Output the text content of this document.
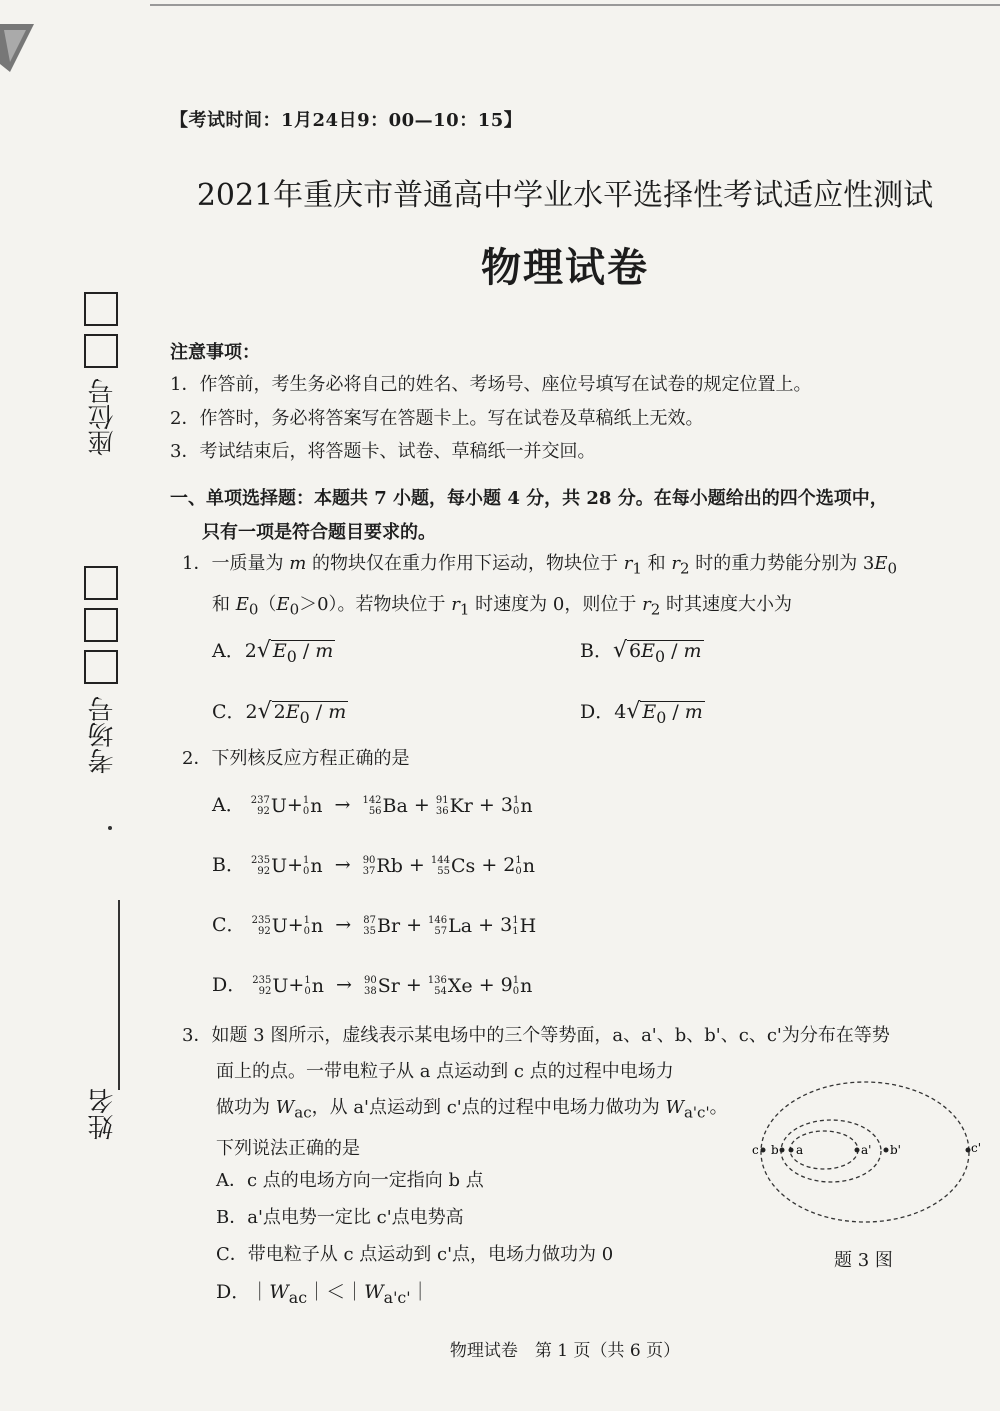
座位号
考场号
姓名
【考试时间：1月24日9：00—10：15】
2021年重庆市普通高中学业水平选择性考试适应性测试
物理试卷
注意事项：
1．作答前，考生务必将自己的姓名、考场号、座位号填写在试卷的规定位置上。
2．作答时，务必将答案写在答题卡上。写在试卷及草稿纸上无效。
3．考试结束后，将答题卡、试卷、草稿纸一并交回。
一、单项选择题：本题共 7 小题，每小题 4 分，共 28 分。在每小题给出的四个选项中，
只有一项是符合题目要求的。
1．一质量为 m 的物块仅在重力作用下运动，物块位于 $r_1$ 和 $r_2$ 时的重力势能分别为 $3E_0$
和 $E_0(E_0>0)$。若物块位于 $r_1$ 时速度为 0，则位于 $r_2$ 时其速度大小为
A．2√ $E_0$ / m	B．√ $6E_0$ / m
C．2√ $2E_0$ / m	D．4√ $E_0$ / m
2．下列核反应方程正确的是
A． 237
92 U+ 1
0 n → 142
56 Ba + 91
36 Kr + 3 1
0 n
B． 235
92 U+ 1
0 n → 90
37 Rb + 144
55 Cs + 2 1
0 n
C． 235
92 U+ 1
0 n → 87
35 Br + 146
57 La + 3 1
1 H
D． 235
92 U+ 1
0 n → 90
38 Sr + 136
54 Xe + 9 1
0 n
3．如题 3 图所示，虚线表示某电场中的三个等势面，a、a'、b、b'、c、c'为分布在等势
面上的点。一带电粒子从 a 点运动到 c 点的过程中电场力
做功为 $W_{ac}$，从 a'点运动到 c'点的过程中电场力做功为 $W_{a'c'}$。
下列说法正确的是
A．c 点的电场方向一定指向 b 点
B．a'点电势一定比 c'点电势高
C．带电粒子从 c 点运动到 c'点，电场力做功为 0
D．$|W_{ac}|<|W_{a'c'}|$
c b a	a' b'	c'
题 3 图
物理试卷　第 1 页（共 6 页）
